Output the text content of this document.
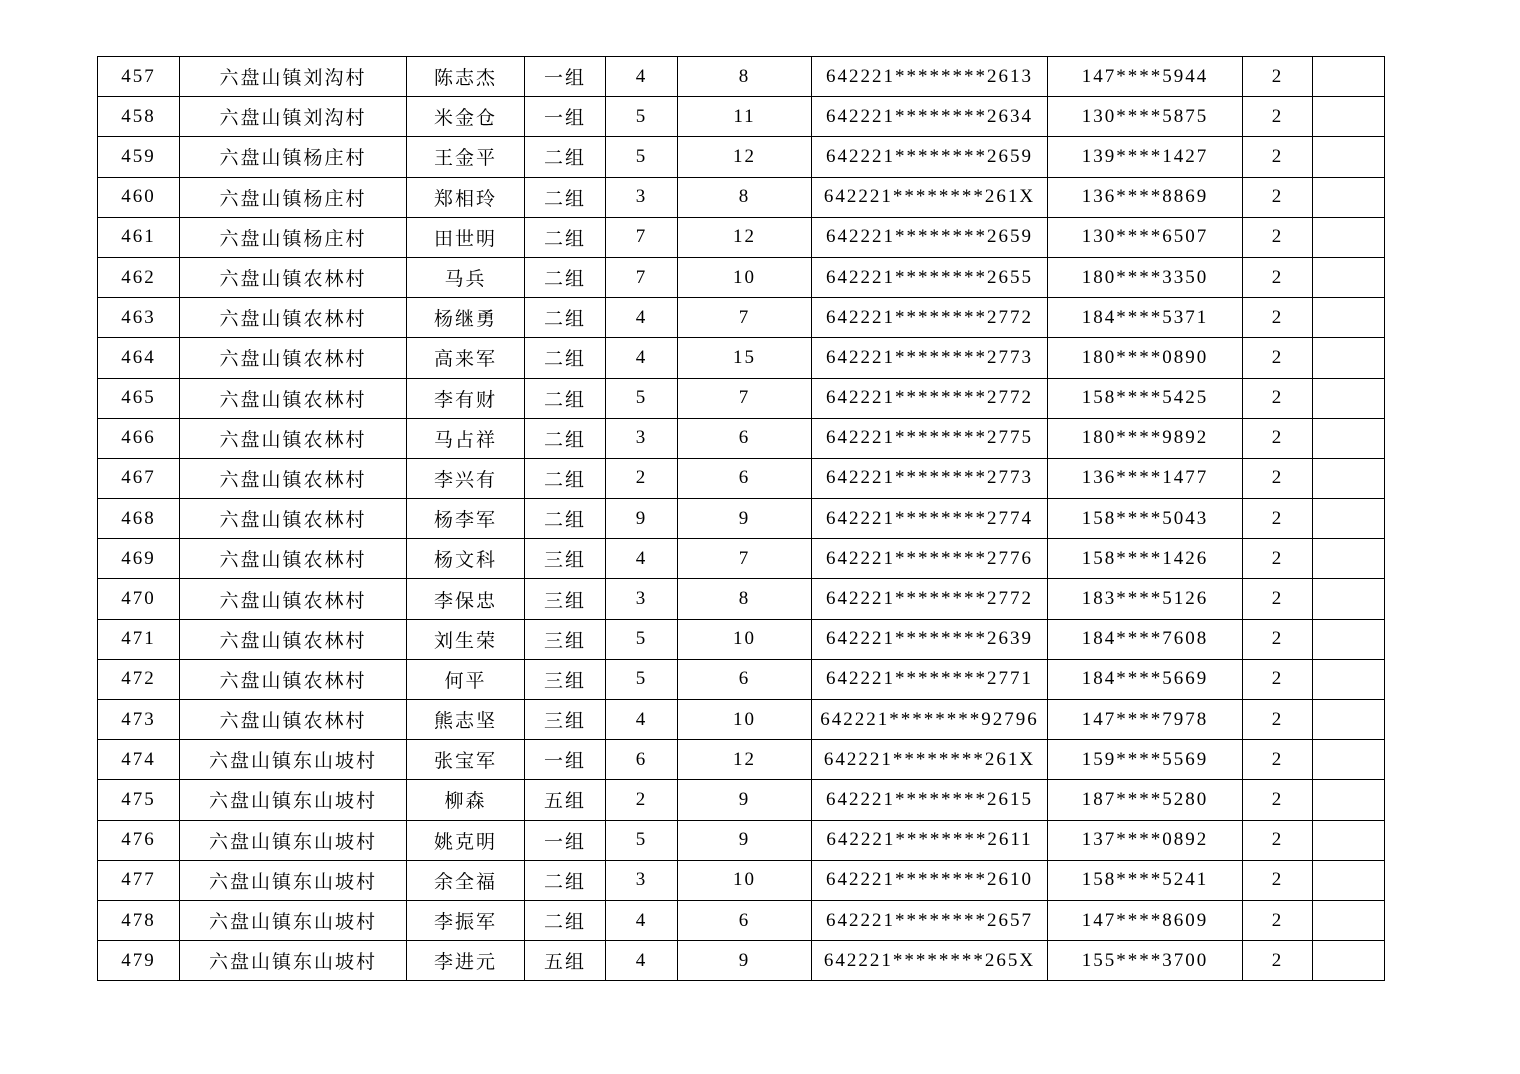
457	六盘山镇刘沟村	陈志杰	一组	4	8	642221********2613	147****5944	2	
458	六盘山镇刘沟村	米金仓	一组	5	11	642221********2634	130****5875	2	
459	六盘山镇杨庄村	王金平	二组	5	12	642221********2659	139****1427	2	
460	六盘山镇杨庄村	郑相玲	二组	3	8	642221********261X	136****8869	2	
461	六盘山镇杨庄村	田世明	二组	7	12	642221********2659	130****6507	2	
462	六盘山镇农林村	马兵	二组	7	10	642221********2655	180****3350	2	
463	六盘山镇农林村	杨继勇	二组	4	7	642221********2772	184****5371	2	
464	六盘山镇农林村	高来军	二组	4	15	642221********2773	180****0890	2	
465	六盘山镇农林村	李有财	二组	5	7	642221********2772	158****5425	2	
466	六盘山镇农林村	马占祥	二组	3	6	642221********2775	180****9892	2	
467	六盘山镇农林村	李兴有	二组	2	6	642221********2773	136****1477	2	
468	六盘山镇农林村	杨李军	二组	9	9	642221********2774	158****5043	2	
469	六盘山镇农林村	杨文科	三组	4	7	642221********2776	158****1426	2	
470	六盘山镇农林村	李保忠	三组	3	8	642221********2772	183****5126	2	
471	六盘山镇农林村	刘生荣	三组	5	10	642221********2639	184****7608	2	
472	六盘山镇农林村	何平	三组	5	6	642221********2771	184****5669	2	
473	六盘山镇农林村	熊志坚	三组	4	10	642221********92796	147****7978	2	
474	六盘山镇东山坡村	张宝军	一组	6	12	642221********261X	159****5569	2	
475	六盘山镇东山坡村	柳森	五组	2	9	642221********2615	187****5280	2	
476	六盘山镇东山坡村	姚克明	一组	5	9	642221********2611	137****0892	2	
477	六盘山镇东山坡村	余全福	二组	3	10	642221********2610	158****5241	2	
478	六盘山镇东山坡村	李振军	二组	4	6	642221********2657	147****8609	2	
479	六盘山镇东山坡村	李进元	五组	4	9	642221********265X	155****3700	2	
